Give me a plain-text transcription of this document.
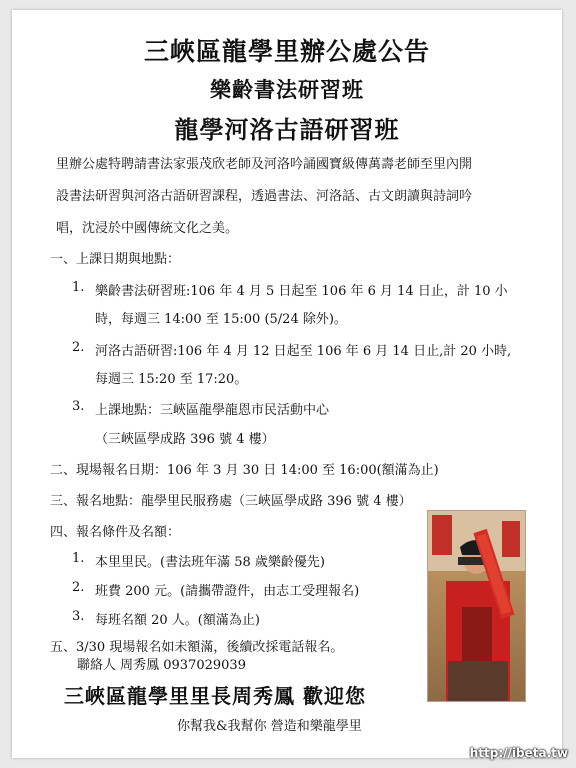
三峽區龍學里辦公處公告
樂齡書法研習班
龍學河洛古語研習班
里辦公處特聘請書法家張茂欣老師及河洛吟誦國寶級傳萬壽老師至里內開
設書法研習與河洛古語研習課程，透過書法、河洛話、古文朗讀與詩詞吟
唱，沈浸於中國傳統文化之美。
一、上課日期與地點：
1. 樂齡書法研習班:106 年 4 月 5 日起至 106 年 6 月 14 日止，計 10 小
時，每週三 14:00 至 15:00 (5/24 除外)。
2. 河洛古語研習:106 年 4 月 12 日起至 106 年 6 月 14 日止,計 20 小時,
每週三 15:20 至 17:20。
3. 上課地點：三峽區龍學龍恩市民活動中心
（三峽區學成路 396 號 4 樓）
二、現場報名日期：106 年 3 月 30 日 14:00 至 16:00(額滿為止)
三、報名地點：龍學里民服務處（三峽區學成路 396 號 4 樓）
四、報名條件及名額：
1. 本里里民。(書法班年滿 58 歲樂齡優先)
2. 班費 200 元。(請攜帶證件，由志工受理報名)
3. 每班名額 20 人。(額滿為止)
五、3/30 現場報名如未額滿，後續改採電話報名。
聯絡人 周秀鳳 0937029039
三峽區龍學里里長周秀鳳 歡迎您
你幫我&我幫你 營造和樂龍學里
http://ibeta.tw
